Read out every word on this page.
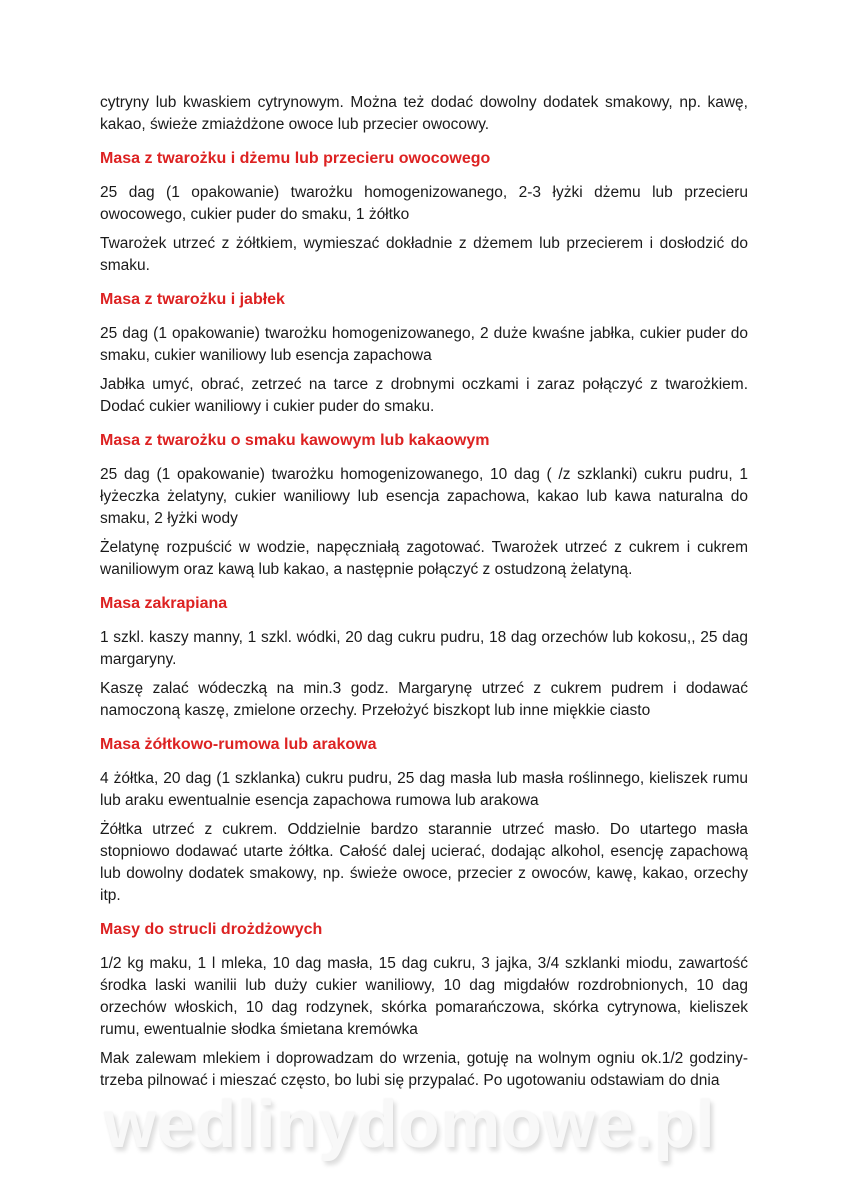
cytryny lub kwaskiem cytrynowym. Można też dodać dowolny dodatek smakowy, np. kawę, kakao, świeże zmiażdżone owoce lub przecier owocowy.

Masa z twarożku i dżemu lub przecieru owocowego

25 dag (1 opakowanie) twarożku homogenizowanego, 2-3 łyżki dżemu lub przecieru owocowego, cukier puder do smaku, 1 żółtko

Twarożek utrzeć z żółtkiem, wymieszać dokładnie z dżemem lub przecierem i dosłodzić do smaku.

Masa z twarożku i jabłek

25 dag (1 opakowanie) twarożku homogenizowanego, 2 duże kwaśne jabłka, cukier puder do smaku, cukier waniliowy lub esencja zapachowa

Jabłka umyć, obrać, zetrzeć na tarce z drobnymi oczkami i zaraz połączyć z twarożkiem. Dodać cukier waniliowy i cukier puder do smaku.

Masa z twarożku o smaku kawowym lub kakaowym

25 dag (1 opakowanie) twarożku homogenizowanego, 10 dag ( /z szklanki) cukru pudru, 1 łyżeczka żelatyny, cukier waniliowy lub esencja zapachowa, kakao lub kawa naturalna do smaku, 2 łyżki wody

Żelatynę rozpuścić w wodzie, napęczniałą zagotować. Twarożek utrzeć z cukrem i cukrem waniliowym oraz kawą lub kakao, a następnie połączyć z ostudzoną żelatyną.

Masa zakrapiana

1 szkl. kaszy manny, 1 szkl. wódki, 20 dag cukru pudru, 18 dag orzechów lub kokosu,, 25 dag margaryny.

Kaszę zalać wódeczką na min.3 godz. Margarynę utrzeć z cukrem pudrem i dodawać namoczoną kaszę, zmielone orzechy. Przełożyć biszkopt lub inne miękkie ciasto

Masa żółtkowo-rumowa lub arakowa

4 żółtka, 20 dag (1 szklanka) cukru pudru, 25 dag masła lub masła roślinnego, kieliszek rumu lub araku ewentualnie esencja zapachowa rumowa lub arakowa

Żółtka utrzeć z cukrem. Oddzielnie bardzo starannie utrzeć masło. Do utartego masła stopniowo dodawać utarte żółtka. Całość dalej ucierać, dodając alkohol, esencję zapachową lub dowolny dodatek smakowy, np. świeże owoce, przecier z owoców, kawę, kakao, orzechy itp.

Masy do strucli drożdżowych

1/2 kg maku, 1 l mleka, 10 dag masła, 15 dag cukru, 3 jajka, 3/4 szklanki miodu, zawartość środka laski wanilii lub duży cukier waniliowy, 10 dag migdałów rozdrobnionych, 10 dag orzechów włoskich, 10 dag rodzynek, skórka pomarańczowa, skórka cytrynowa, kieliszek rumu, ewentualnie słodka śmietana kremówka

Mak zalewam mlekiem i doprowadzam do wrzenia, gotuję na wolnym ogniu ok.1/2 godziny- trzeba pilnować i mieszać często, bo lubi się przypalać. Po ugotowaniu odstawiam do dnia

wedlinydomowe.pl
